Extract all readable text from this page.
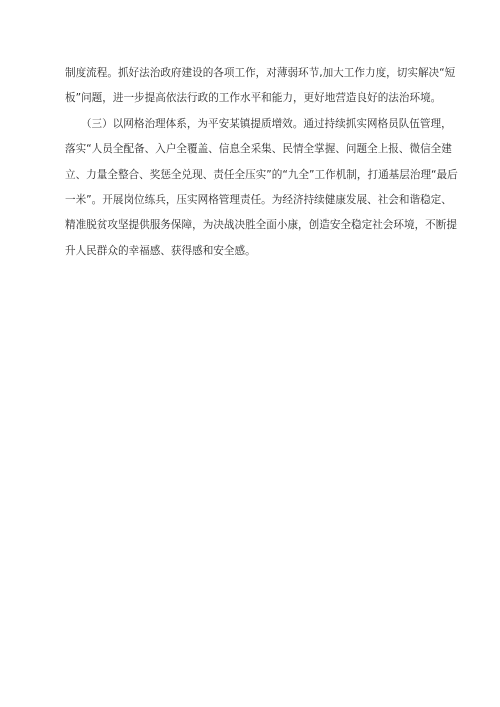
制度流程。抓好法治政府建设的各项工作，对薄弱环节,加大工作力度，切实解决“短
板”问题，进一步提高依法行政的工作水平和能力，更好地营造良好的法治环境。
　　（三）以网格治理体系，为平安某镇提质增效。通过持续抓实网格员队伍管理，
落实“人员全配备、入户全覆盖、信息全采集、民情全掌握、问题全上报、微信全建
立、力量全整合、奖惩全兑现、责任全压实”的“九全”工作机制，打通基层治理“最后
一米”。开展岗位练兵，压实网格管理责任。为经济持续健康发展、社会和谐稳定、
精准脱贫攻坚提供服务保障，为决战决胜全面小康，创造安全稳定社会环境，不断提
升人民群众的幸福感、获得感和安全感。
